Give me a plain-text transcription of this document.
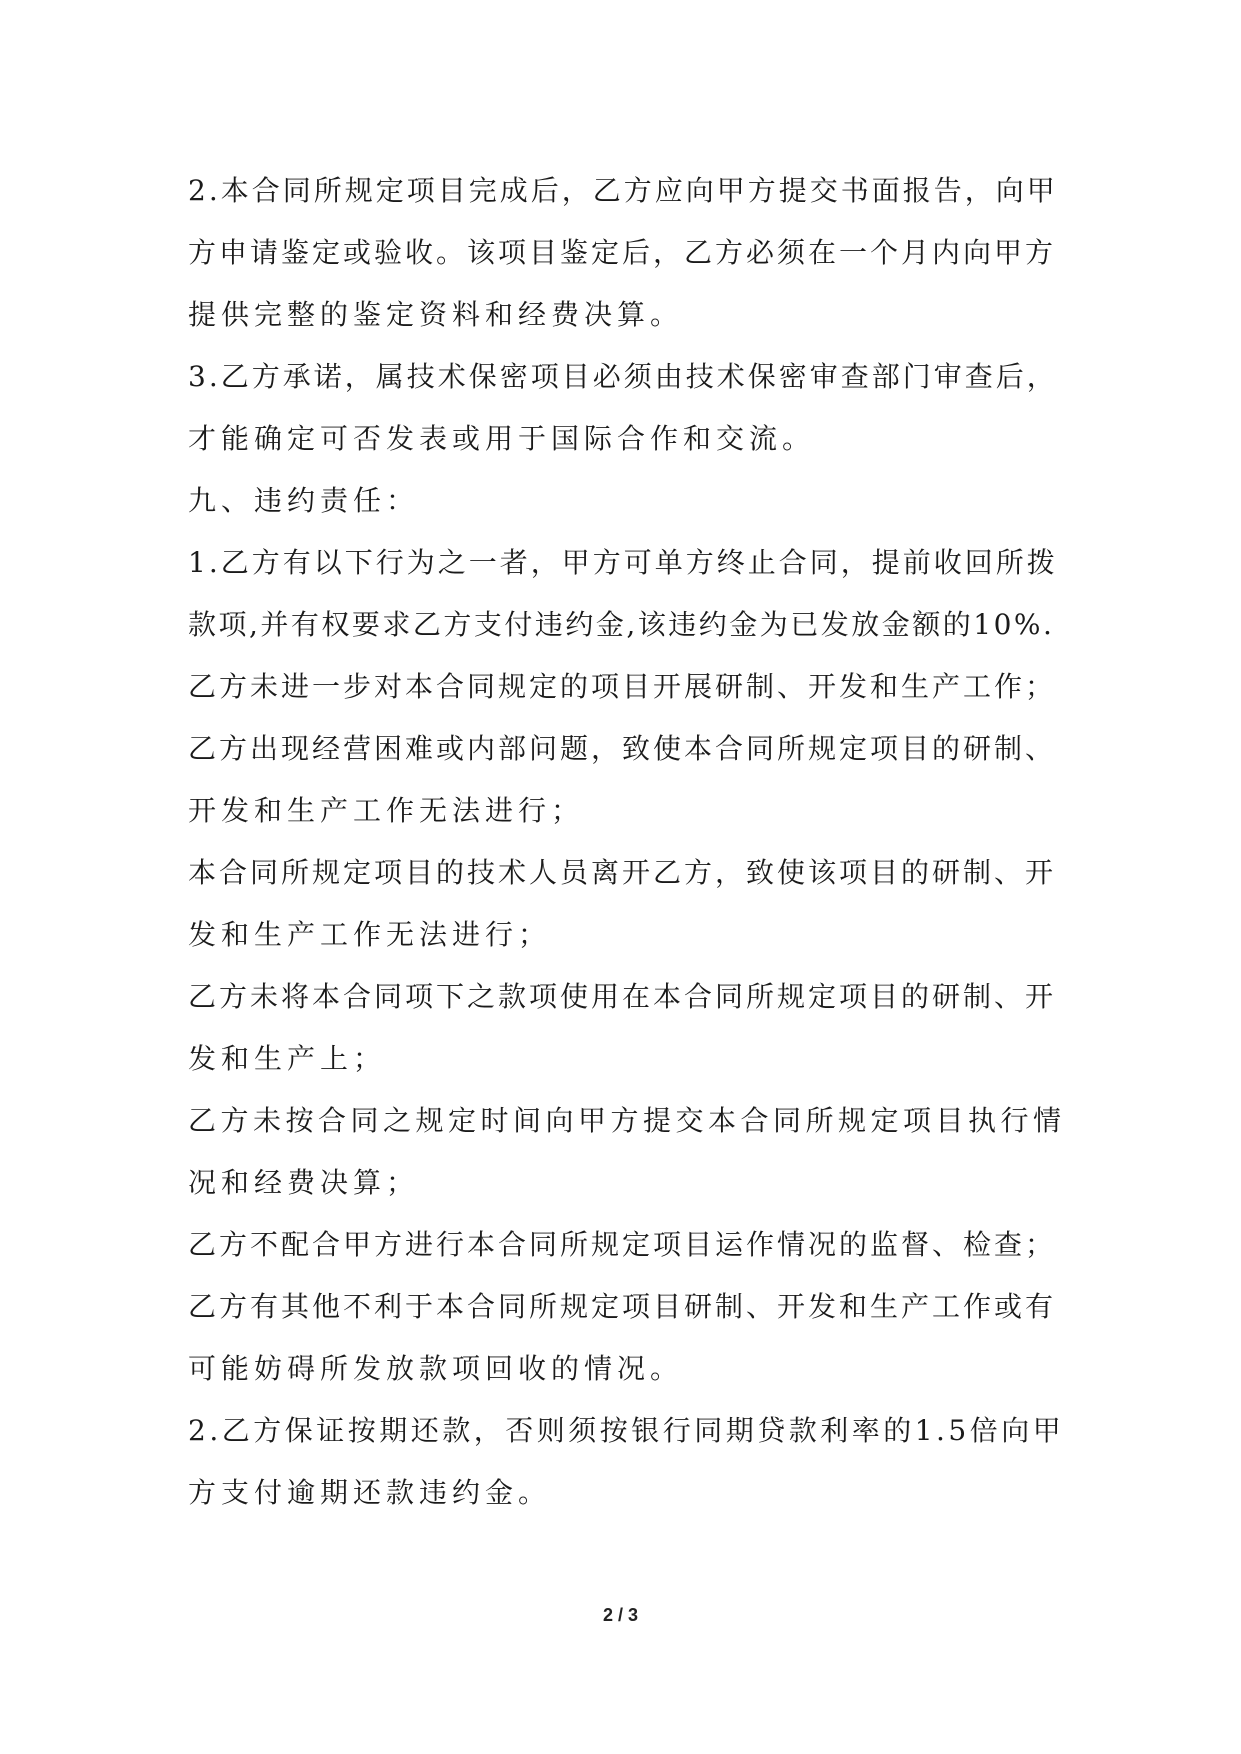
2.本合同所规定项目完成后，乙方应向甲方提交书面报告，向甲
方申请鉴定或验收。该项目鉴定后，乙方必须在一个月内向甲方
提供完整的鉴定资料和经费决算。
3.乙方承诺，属技术保密项目必须由技术保密审查部门审查后，
才能确定可否发表或用于国际合作和交流。
九、违约责任：
1.乙方有以下行为之一者，甲方可单方终止合同，提前收回所拨
款项,并有权要求乙方支付违约金,该违约金为已发放金额的10%.
乙方未进一步对本合同规定的项目开展研制、开发和生产工作；
乙方出现经营困难或内部问题，致使本合同所规定项目的研制、
开发和生产工作无法进行；
本合同所规定项目的技术人员离开乙方，致使该项目的研制、开
发和生产工作无法进行；
乙方未将本合同项下之款项使用在本合同所规定项目的研制、开
发和生产上；
乙方未按合同之规定时间向甲方提交本合同所规定项目执行情
况和经费决算；
乙方不配合甲方进行本合同所规定项目运作情况的监督、检查；
乙方有其他不利于本合同所规定项目研制、开发和生产工作或有
可能妨碍所发放款项回收的情况。
2.乙方保证按期还款，否则须按银行同期贷款利率的1.5倍向甲
方支付逾期还款违约金。
2 / 3
